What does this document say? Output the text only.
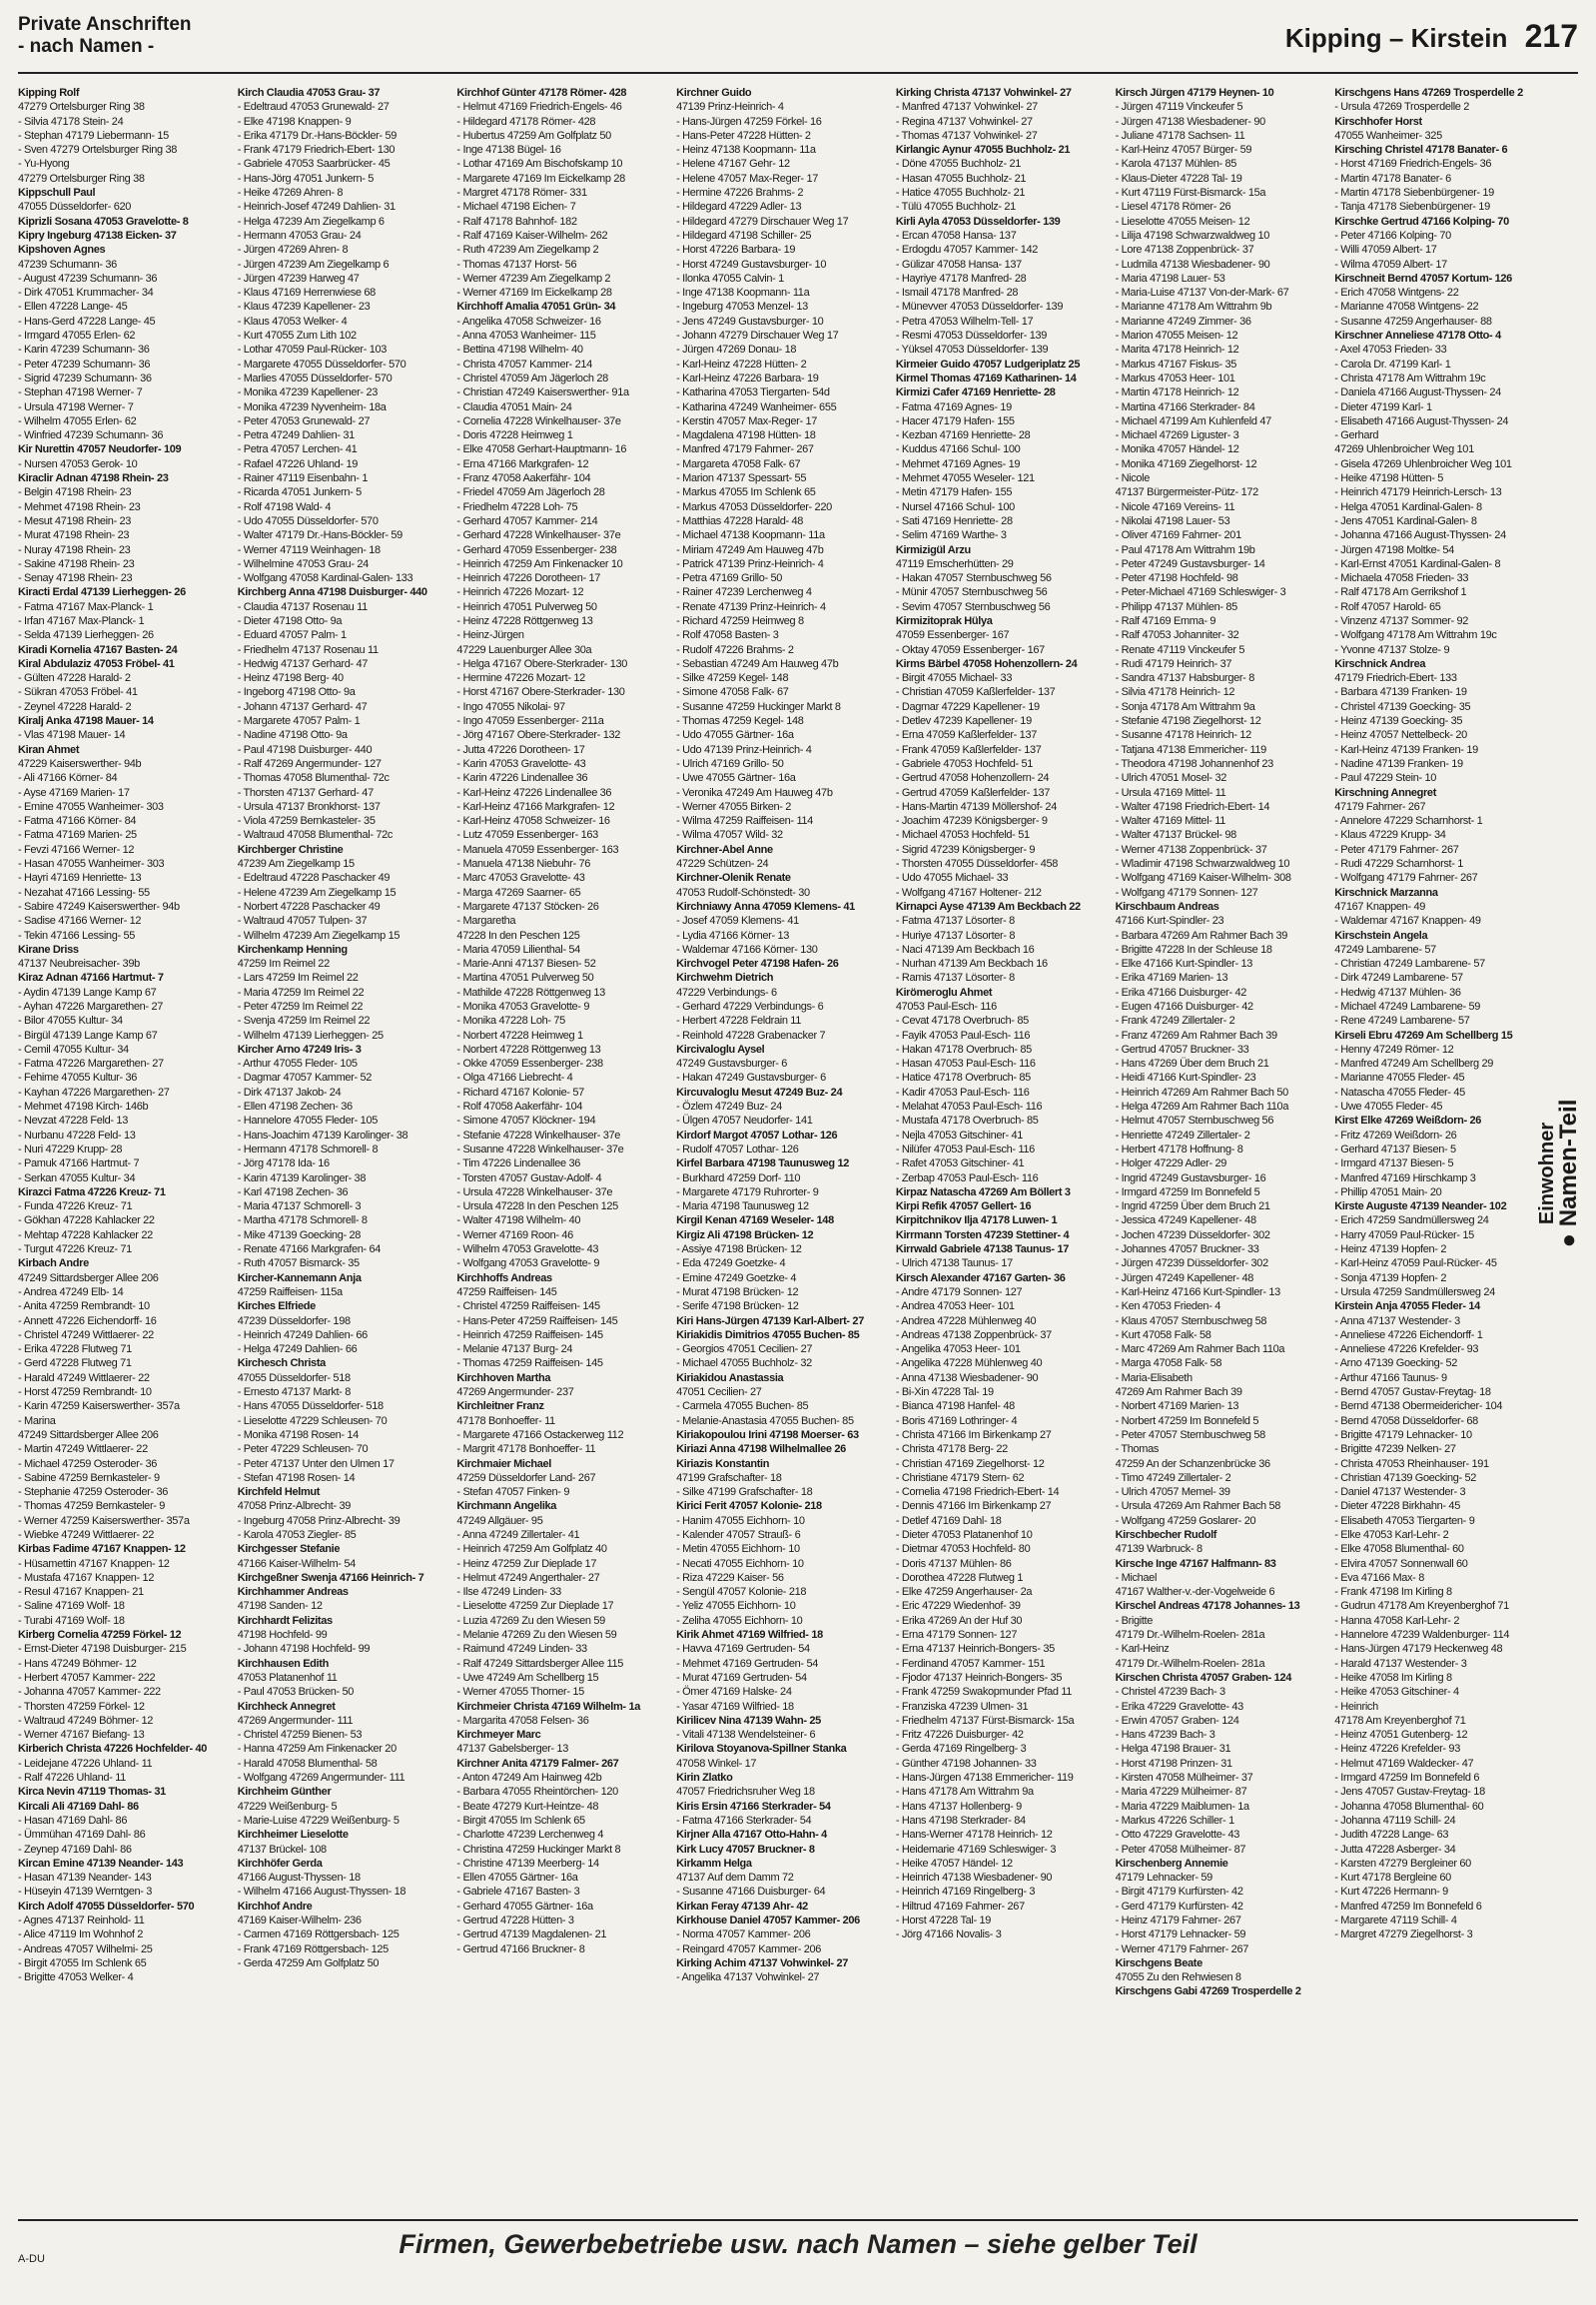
Private Anschriften
- nach Namen -	Kipping – Kirstein 217
Kipping Rolf
47279 Ortelsburger Ring 38
- Silvia 47178 Stein- 24
- Stephan 47179 Liebermann- 15
- Sven 47279 Ortelsburger Ring 38
- Yu-Hyong
47279 Ortelsburger Ring 38
Kippschull Paul
47055 Düsseldorfer- 620
Kiprizli Sosana 47053 Gravelotte- 8
Kipry Ingeburg 47138 Eicken- 37
Kipshoven Agnes
47239 Schumann- 36
- August 47239 Schumann- 36
- Dirk 47051 Krummacher- 34
- Ellen 47228 Lange- 45
- Hans-Gerd 47228 Lange- 45
- Irmgard 47055 Erlen- 62
- Karin 47239 Schumann- 36
- Peter 47239 Schumann- 36
- Sigrid 47239 Schumann- 36
- Stephan 47198 Werner- 7
- Ursula 47198 Werner- 7
- Wilhelm 47055 Erlen- 62
- Winfried 47239 Schumann- 36
Kir Nurettin 47057 Neudorfer- 109
- Nursen 47053 Gerok- 10
Kiraclir Adnan 47198 Rhein- 23
- Belgin 47198 Rhein- 23
- Mehmet 47198 Rhein- 23
- Mesut 47198 Rhein- 23
- Murat 47198 Rhein- 23
- Nuray 47198 Rhein- 23
- Sakine 47198 Rhein- 23
- Senay 47198 Rhein- 23
Kiracti Erdal 47139 Lierheggen- 26
- Fatma 47167 Max-Planck- 1
- Irfan 47167 Max-Planck- 1
- Selda 47139 Lierheggen- 26
Kiradi Kornelia 47167 Basten- 24
Kiral Abdulaziz 47053 Fröbel- 41
- Gülten 47228 Harald- 2
- Sükran 47053 Fröbel- 41
- Zeynel 47228 Harald- 2
Kiralj Anka 47198 Mauer- 14
- Vlas 47198 Mauer- 14
Kiran Ahmet
47229 Kaiserswerther- 94b
- Ali 47166 Körner- 84
- Ayse 47169 Marien- 17
- Emine 47055 Wanheimer- 303
- Fatma 47166 Körner- 84
- Fatma 47169 Marien- 25
- Fevzi 47166 Werner- 12
- Hasan 47055 Wanheimer- 303
- Hayri 47169 Henriette- 13
- Nezahat 47166 Lessing- 55
- Sabire 47249 Kaiserswerther- 94b
- Sadise 47166 Werner- 12
- Tekin 47166 Lessing- 55
Kirane Driss
47137 Neubreisacher- 39b
Kiraz Adnan 47166 Hartmut- 7
- Aydin 47139 Lange Kamp 67
- Ayhan 47226 Margarethen- 27
- Bilor 47055 Kultur- 34
- Birgül 47139 Lange Kamp 67
- Cemil 47055 Kultur- 34
- Fatma 47226 Margarethen- 27
- Fehime 47055 Kultur- 36
- Kayhan 47226 Margarethen- 27
- Mehmet 47198 Kirch- 146b
- Nevzat 47228 Feld- 13
- Nurbanu 47228 Feld- 13
- Nuri 47229 Krupp- 28
- Pamuk 47166 Hartmut- 7
- Serkan 47055 Kultur- 34
Kirazci Fatma 47226 Kreuz- 71
- Funda 47226 Kreuz- 71
- Gökhan 47228 Kahlacker 22
- Mehtap 47228 Kahlacker 22
- Turgut 47226 Kreuz- 71
Kirbach Andre
47249 Sittardsberger Allee 206
- Andrea 47249 Elb- 14
- Anita 47259 Rembrandt- 10
- Annett 47226 Eichendorff- 16
- Christel 47249 Wittlaerer- 22
- Erika 47228 Flutweg 71
- Gerd 47228 Flutweg 71
- Harald 47249 Wittlaerer- 22
- Horst 47259 Rembrandt- 10
- Karin 47259 Kaiserswerther- 357a
- Marina
47249 Sittardsberger Allee 206
- Martin 47249 Wittlaerer- 22
- Michael 47259 Osteroder- 36
- Sabine 47259 Bernkasteler- 9
- Stephanie 47259 Osteroder- 36
- Thomas 47259 Bernkasteler- 9
- Werner 47259 Kaiserswerther- 357a
- Wiebke 47249 Wittlaerer- 22
Kirbas Fadime 47167 Knappen- 12
- Hüsamettin 47167 Knappen- 12
- Mustafa 47167 Knappen- 12
- Resul 47167 Knappen- 21
- Saline 47169 Wolf- 18
- Turabi 47169 Wolf- 18
Kirberg Cornelia 47259 Förkel- 12
- Ernst-Dieter 47198 Duisburger- 215
- Hans 47249 Böhmer- 12
- Herbert 47057 Kammer- 222
- Johanna 47057 Kammer- 222
- Thorsten 47259 Förkel- 12
- Waltraud 47249 Böhmer- 12
- Werner 47167 Biefang- 13
Kirberich Christa 47226 Hochfelder- 40
- Leidejane 47226 Uhland- 11
- Ralf 47226 Uhland- 11
Kirca Nevin 47119 Thomas- 31
Kircali Ali 47169 Dahl- 86
- Hasan 47169 Dahl- 86
- Ümmühan 47169 Dahl- 86
- Zeynep 47169 Dahl- 86
Kircan Emine 47139 Neander- 143
- Hasan 47139 Neander- 143
- Hüseyin 47139 Werntgen- 3
Kirch Adolf 47055 Düsseldorfer- 570
- Agnes 47137 Reinhold- 11
- Alice 47119 Im Wohnhof 2
- Andreas 47057 Wilhelmi- 25
- Birgit 47055 Im Schlenk 65
- Brigitte 47053 Welker- 4
Kirch Claudia 47053 Grau- 37
- Edeltraud 47053 Grunewald- 27
- Elke 47198 Knappen- 9
- Erika 47179 Dr.-Hans-Böckler- 59
- Frank 47179 Friedrich-Ebert- 130
- Gabriele 47053 Saarbrücker- 45
- Hans-Jörg 47051 Junkern- 5
- Heike 47269 Ahren- 8
- Heinrich-Josef 47249 Dahlien- 31
- Helga 47239 Am Ziegelkamp 6
- Hermann 47053 Grau- 24
- Jürgen 47269 Ahren- 8
- Jürgen 47239 Am Ziegelkamp 6
- Jürgen 47239 Harweg 47
- Klaus 47169 Herrenwiese 68
- Klaus 47239 Kapellener- 23
- Klaus 47053 Welker- 4
- Kurt 47055 Zum Lith 102
- Lothar 47059 Paul-Rücker- 103
- Margarete 47055 Düsseldorfer- 570
- Marlies 47055 Düsseldorfer- 570
- Monika 47239 Kapellener- 23
- Monika 47239 Nyvenheim- 18a
- Peter 47053 Grunewald- 27
- Petra 47249 Dahlien- 31
- Petra 47057 Lerchen- 41
- Rafael 47226 Uhland- 19
- Rainer 47119 Eisenbahn- 1
- Ricarda 47051 Junkern- 5
- Rolf 47198 Wald- 4
- Udo 47055 Düsseldorfer- 570
- Walter 47179 Dr.-Hans-Böckler- 59
- Werner 47119 Weinhagen- 18
- Wilhelmine 47053 Grau- 24
- Wolfgang 47058 Kardinal-Galen- 133
Kirchberg Anna 47198 Duisburger- 440
- Claudia 47137 Rosenau 11
- Dieter 47198 Otto- 9a
- Eduard 47057 Palm- 1
- Friedhelm 47137 Rosenau 11
- Hedwig 47137 Gerhard- 47
- Heinz 47198 Berg- 40
- Ingeborg 47198 Otto- 9a
- Johann 47137 Gerhard- 47
- Margarete 47057 Palm- 1
- Nadine 47198 Otto- 9a
- Paul 47198 Duisburger- 440
- Ralf 47269 Angermunder- 127
- Thomas 47058 Blumenthal- 72c
- Thorsten 47137 Gerhard- 47
- Ursula 47137 Bronkhorst- 137
- Viola 47259 Bernkasteler- 35
- Waltraud 47058 Blumenthal- 72c
Kirchberger Christine
47239 Am Ziegelkamp 15
- Edeltraud 47228 Paschacker 49
- Helene 47239 Am Ziegelkamp 15
- Norbert 47228 Paschacker 49
- Waltraud 47057 Tulpen- 37
- Wilhelm 47239 Am Ziegelkamp 15
Kirchenkamp Henning
47259 Im Reimel 22
- Lars 47259 Im Reimel 22
- Maria 47259 Im Reimel 22
- Peter 47259 Im Reimel 22
- Svenja 47259 Im Reimel 22
- Wilhelm 47139 Lierheggen- 25
Kircher Arno 47249 Iris- 3
- Arthur 47055 Fleder- 105
- Dagmar 47057 Kammer- 52
- Dirk 47137 Jakob- 24
- Ellen 47198 Zechen- 36
- Hannelore 47055 Fleder- 105
- Hans-Joachim 47139 Karolinger- 38
- Hermann 47178 Schmorell- 8
- Jörg 47178 Ida- 16
- Karin 47139 Karolinger- 38
- Karl 47198 Zechen- 36
- Maria 47137 Schmorell- 3
- Martha 47178 Schmorell- 8
- Mike 47139 Goecking- 28
- Renate 47166 Markgrafen- 64
- Ruth 47057 Bismarck- 35
Kircher-Kannemann Anja
47259 Raiffeisen- 115a
Kirches Elfriede
47239 Düsseldorfer- 198
- Heinrich 47249 Dahlien- 66
- Helga 47249 Dahlien- 66
Kirchesch Christa
47055 Düsseldorfer- 518
- Ernesto 47137 Markt- 8
- Hans 47055 Düsseldorfer- 518
- Lieselotte 47229 Schleusen- 70
- Monika 47198 Rosen- 14
- Peter 47229 Schleusen- 70
- Peter 47137 Unter den Ulmen 17
- Stefan 47198 Rosen- 14
Kirchfeld Helmut
47058 Prinz-Albrecht- 39
- Ingeburg 47058 Prinz-Albrecht- 39
- Karola 47053 Ziegler- 85
Kirchgesser Stefanie
47166 Kaiser-Wilhelm- 54
Kirchgeßner Swenja 47166 Heinrich- 7
Kirchhammer Andreas
47198 Sanden- 12
Kirchhardt Felizitas
47198 Hochfeld- 99
- Johann 47198 Hochfeld- 99
Kirchhausen Edith
47053 Platanenhof 11
- Paul 47053 Brücken- 50
Kirchheck Annegret
47269 Angermunder- 111
- Christel 47259 Bienen- 53
- Hanna 47259 Am Finkenacker 20
- Harald 47058 Blumenthal- 58
- Wolfgang 47269 Angermunder- 111
Kirchheim Günther
47229 Weißenburg- 5
- Marie-Luise 47229 Weißenburg- 5
Kirchheimer Lieselotte
47137 Brückel- 108
Kirchhöfer Gerda
47166 August-Thyssen- 18
- Wilhelm 47166 August-Thyssen- 18
Kirchhof Andre
47169 Kaiser-Wilhelm- 236
- Carmen 47169 Röttgersbach- 125
- Frank 47169 Röttgersbach- 125
- Gerda 47259 Am Golfplatz 50
Kirchhof Günter 47178 Römer- 428
- Helmut 47169 Friedrich-Engels- 46
- Hildegard 47178 Römer- 428
- Hubertus 47259 Am Golfplatz 50
- Inge 47138 Bügel- 16
- Lothar 47169 Am Bischofskamp 10
- Margarete 47169 Im Eickelkamp 28
- Margret 47178 Römer- 331
- Michael 47198 Eichen- 7
- Ralf 47178 Bahnhof- 182
- Ralf 47169 Kaiser-Wilhelm- 262
- Ruth 47239 Am Ziegelkamp 2
- Thomas 47137 Horst- 56
- Werner 47239 Am Ziegelkamp 2
- Werner 47169 Im Eickelkamp 28
Kirchhoff Amalia 47051 Grün- 34
- Angelika 47058 Schweizer- 16
- Anna 47053 Wanheimer- 115
- Bettina 47198 Wilhelm- 40
- Christa 47057 Kammer- 214
- Christel 47059 Am Jägerloch 28
- Christian 47249 Kaiserswerther- 91a
- Claudia 47051 Main- 24
- Cornelia 47228 Winkelhauser- 37e
- Doris 47228 Heimweg 1
- Elke 47058 Gerhart-Hauptmann- 16
- Erna 47166 Markgrafen- 12
- Franz 47058 Aakerfähr- 104
- Friedel 47059 Am Jägerloch 28
- Friedhelm 47228 Loh- 75
- Gerhard 47057 Kammer- 214
- Gerhard 47228 Winkelhauser- 37e
- Gerhard 47059 Essenberger- 238
- Heinrich 47259 Am Finkenacker 10
- Heinrich 47226 Dorotheen- 17
- Heinrich 47226 Mozart- 12
- Heinrich 47051 Pulverweg 50
- Heinz 47228 Röttgenweg 13
- Heinz-Jürgen
47229 Lauenburger Allee 30a
- Helga 47167 Obere-Sterkrader- 130
- Hermine 47226 Mozart- 12
- Horst 47167 Obere-Sterkrader- 130
- Ingo 47055 Nikolai- 97
- Ingo 47059 Essenberger- 211a
- Jörg 47167 Obere-Sterkrader- 132
- Jutta 47226 Dorotheen- 17
- Karin 47053 Gravelotte- 43
- Karin 47226 Lindenallee 36
- Karl-Heinz 47226 Lindenallee 36
- Karl-Heinz 47166 Markgrafen- 12
- Karl-Heinz 47058 Schweizer- 16
- Lutz 47059 Essenberger- 163
- Manuela 47059 Essenberger- 163
- Manuela 47138 Niebuhr- 76
- Marc 47053 Gravelotte- 43
- Marga 47269 Saarner- 65
- Margarete 47137 Stöcken- 26
- Margaretha
47228 In den Peschen 125
- Maria 47059 Lilienthal- 54
- Marie-Anni 47137 Biesen- 52
- Martina 47051 Pulverweg 50
- Mathilde 47228 Röttgenweg 13
- Monika 47053 Gravelotte- 9
- Monika 47228 Loh- 75
- Norbert 47228 Heimweg 1
- Norbert 47228 Röttgenweg 13
- Okke 47059 Essenberger- 238
- Olga 47166 Liebrecht- 4
- Richard 47167 Kolonie- 57
- Rolf 47058 Aakerfähr- 104
- Simone 47057 Klöckner- 194
- Stefanie 47228 Winkelhauser- 37e
- Susanne 47228 Winkelhauser- 37e
- Tim 47226 Lindenallee 36
- Torsten 47057 Gustav-Adolf- 4
- Ursula 47228 Winkelhauser- 37e
- Ursula 47228 In den Peschen 125
- Walter 47198 Wilhelm- 40
- Werner 47169 Roon- 46
- Wilhelm 47053 Gravelotte- 43
- Wolfgang 47053 Gravelotte- 9
Kirchhoffs Andreas
47259 Raiffeisen- 145
- Christel 47259 Raiffeisen- 145
- Hans-Peter 47259 Raiffeisen- 145
- Heinrich 47259 Raiffeisen- 145
- Melanie 47137 Burg- 24
- Thomas 47259 Raiffeisen- 145
Kirchhoven Martha
47269 Angermunder- 237
Kirchleitner Franz
47178 Bonhoeffer- 11
- Margarete 47166 Ostackerweg 112
- Margrit 47178 Bonhoeffer- 11
Kirchmaier Michael
47259 Düsseldorfer Land- 267
- Stefan 47057 Finken- 9
Kirchmann Angelika
47249 Allgäuer- 95
- Anna 47249 Zillertaler- 41
- Heinrich 47259 Am Golfplatz 40
- Heinz 47259 Zur Dieplade 17
- Helmut 47249 Angerthaler- 27
- Ilse 47249 Linden- 33
- Lieselotte 47259 Zur Dieplade 17
- Luzia 47269 Zu den Wiesen 59
- Melanie 47269 Zu den Wiesen 59
- Raimund 47249 Linden- 33
- Ralf 47249 Sittardsberger Allee 115
- Uwe 47249 Am Schellberg 15
- Werner 47055 Thorner- 15
Kirchmeier Christa 47169 Wilhelm- 1a
- Margarita 47058 Felsen- 36
Kirchmeyer Marc
47137 Gabelsberger- 13
Kirchner Anita 47179 Falmer- 267
- Anton 47249 Am Hainweg 42b
- Barbara 47055 Rheintörchen- 120
- Beate 47279 Kurt-Heintze- 48
- Birgit 47055 Im Schlenk 65
- Charlotte 47239 Lerchenweg 4
- Christina 47259 Huckinger Markt 8
- Christine 47139 Meerberg- 14
- Ellen 47055 Gärtner- 16a
- Gabriele 47167 Basten- 3
- Gerhard 47055 Gärtner- 16a
- Gertrud 47228 Hütten- 3
- Gertrud 47139 Magdalenen- 21
- Gertrud 47166 Bruckner- 8
Kirchner Guido
47139 Prinz-Heinrich- 4
- Hans-Jürgen 47259 Förkel- 16
- Hans-Peter 47228 Hütten- 2
- Heinz 47138 Koopmann- 11a
- Helene 47167 Gehr- 12
- Helene 47057 Max-Reger- 17
- Hermine 47226 Brahms- 2
- Hildegard 47229 Adler- 13
- Hildegard 47279 Dirschauer Weg 17
- Hildegard 47198 Schiller- 25
- Horst 47226 Barbara- 19
- Horst 47249 Gustavsburger- 10
- Ilonka 47055 Calvin- 1
- Inge 47138 Koopmann- 11a
- Ingeburg 47053 Menzel- 13
- Jens 47249 Gustavsburger- 10
- Johann 47279 Dirschauer Weg 17
- Jürgen 47269 Donau- 18
- Karl-Heinz 47228 Hütten- 2
- Karl-Heinz 47226 Barbara- 19
- Katharina 47053 Tiergarten- 54d
- Katharina 47249 Wanheimer- 655
- Kerstin 47057 Max-Reger- 17
- Magdalena 47198 Hütten- 18
- Manfred 47179 Fahrner- 267
- Margareta 47058 Falk- 67
- Marion 47137 Spessart- 55
- Markus 47055 Im Schlenk 65
- Markus 47053 Düsseldorfer- 220
- Matthias 47228 Harald- 48
- Michael 47138 Koopmann- 11a
- Miriam 47249 Am Hauweg 47b
- Patrick 47139 Prinz-Heinrich- 4
- Petra 47169 Grillo- 50
- Rainer 47239 Lerchenweg 4
- Renate 47139 Prinz-Heinrich- 4
- Richard 47259 Heimweg 8
- Rolf 47058 Basten- 3
- Rudolf 47226 Brahms- 2
- Sebastian 47249 Am Hauweg 47b
- Silke 47259 Kegel- 148
- Simone 47058 Falk- 67
- Susanne 47259 Huckinger Markt 8
- Thomas 47259 Kegel- 148
- Udo 47055 Gärtner- 16a
- Udo 47139 Prinz-Heinrich- 4
- Ulrich 47169 Grillo- 50
- Uwe 47055 Gärtner- 16a
- Veronika 47249 Am Hauweg 47b
- Werner 47055 Birken- 2
- Wilma 47259 Raiffeisen- 114
- Wilma 47057 Wild- 32
Kirchner-Abel Anne
47229 Schützen- 24
Kirchner-Olenik Renate
47053 Rudolf-Schönstedt- 30
Kirchniawy Anna 47059 Klemens- 41
- Josef 47059 Klemens- 41
- Lydia 47166 Körner- 13
- Waldemar 47166 Körner- 130
Kirchvogel Peter 47198 Hafen- 26
Kirchwehm Dietrich
47229 Verbindungs- 6
- Gerhard 47229 Verbindungs- 6
- Herbert 47228 Feldrain 11
- Reinhold 47228 Grabenacker 7
Kircivaloglu Aysel
47249 Gustavsburger- 6
- Hakan 47249 Gustavsburger- 6
Kircuvaloglu Mesut 47249 Buz- 24
- Özlem 47249 Buz- 24
- Ülgen 47057 Neudorfer- 141
Kirdorf Margot 47057 Lothar- 126
- Rudolf 47057 Lothar- 126
Kirfel Barbara 47198 Taunusweg 12
- Burkhard 47259 Dorf- 110
- Margarete 47179 Ruhrorter- 9
- Maria 47198 Taunusweg 12
Kirgil Kenan 47169 Weseler- 148
Kirgiz Ali 47198 Brücken- 12
- Assiye 47198 Brücken- 12
- Eda 47249 Goetzke- 4
- Emine 47249 Goetzke- 4
- Murat 47198 Brücken- 12
- Serife 47198 Brücken- 12
Kiri Hans-Jürgen 47139 Karl-Albert- 27
Kiriakidis Dimitrios 47055 Buchen- 85
- Georgios 47051 Cecilien- 27
- Michael 47055 Buchholz- 32
Kiriakidou Anastassia
47051 Cecilien- 27
- Carmela 47055 Buchen- 85
- Melanie-Anastasia 47055 Buchen- 85
Kiriakopoulou Irini 47198 Moerser- 63
Kiriazi Anna 47198 Wilhelmallee 26
Kiriazis Konstantin
47199 Grafschafter- 18
- Silke 47199 Grafschafter- 18
Kirici Ferit 47057 Kolonie- 218
- Hanim 47055 Eichhorn- 10
- Kalender 47057 Strauß- 6
- Metin 47055 Eichhorn- 10
- Necati 47055 Eichhorn- 10
- Riza 47229 Kaiser- 56
- Sengül 47057 Kolonie- 218
- Yeliz 47055 Eichhorn- 10
- Zeliha 47055 Eichhorn- 10
Kirik Ahmet 47169 Wilfried- 18
- Havva 47169 Gertruden- 54
- Mehmet 47169 Gertruden- 54
- Murat 47169 Gertruden- 54
- Ömer 47169 Halske- 24
- Yasar 47169 Wilfried- 18
Kirilicev Nina 47139 Wahn- 25
- Vitali 47138 Wendelsteiner- 6
Kirilova Stoyanova-Spillner Stanka
47058 Winkel- 17
Kirin Zlatko
47057 Friedrichsruher Weg 18
Kiris Ersin 47166 Sterkrader- 54
- Fatma 47166 Sterkrader- 54
Kirjner Alla 47167 Otto-Hahn- 4
Kirk Lucy 47057 Bruckner- 8
Kirkamm Helga
47137 Auf dem Damm 72
- Susanne 47166 Duisburger- 64
Kirkan Feray 47139 Ahr- 42
Kirkhouse Daniel 47057 Kammer- 206
- Norma 47057 Kammer- 206
- Reingard 47057 Kammer- 206
Kirking Achim 47137 Vohwinkel- 27
- Angelika 47137 Vohwinkel- 27
Kirking Christa 47137 Vohwinkel- 27
- Manfred 47137 Vohwinkel- 27
- Regina 47137 Vohwinkel- 27
- Thomas 47137 Vohwinkel- 27
Kirlangic Aynur 47055 Buchholz- 21
- Döne 47055 Buchholz- 21
- Hasan 47055 Buchholz- 21
- Hatice 47055 Buchholz- 21
- Tülü 47055 Buchholz- 21
Kirli Ayla 47053 Düsseldorfer- 139
- Ercan 47058 Hansa- 137
- Erdogdu 47057 Kammer- 142
- Gülizar 47058 Hansa- 137
- Hayriye 47178 Manfred- 28
- Ismail 47178 Manfred- 28
- Münevver 47053 Düsseldorfer- 139
- Petra 47053 Wilhelm-Tell- 17
- Resmi 47053 Düsseldorfer- 139
- Yüksel 47053 Düsseldorfer- 139
Kirmeier Guido 47057 Ludgeriplatz 25
Kirmel Thomas 47169 Katharinen- 14
Kirmizi Cafer 47169 Henriette- 28
- Fatma 47169 Agnes- 19
- Hacer 47179 Hafen- 155
- Kezban 47169 Henriette- 28
- Kuddus 47166 Schul- 100
- Mehmet 47169 Agnes- 19
- Mehmet 47055 Weseler- 121
- Metin 47179 Hafen- 155
- Nursel 47166 Schul- 100
- Sati 47169 Henriette- 28
- Selim 47169 Warthe- 3
Kirmizigül Arzu
47119 Emscherhütten- 29
- Hakan 47057 Sternbuschweg 56
- Münir 47057 Sternbuschweg 56
- Sevim 47057 Sternbuschweg 56
Kirmizitoprak Hülya
47059 Essenberger- 167
- Oktay 47059 Essenberger- 167
Kirms Bärbel 47058 Hohenzollern- 24
- Birgit 47055 Michael- 33
- Christian 47059 Kaßlerfelder- 137
- Dagmar 47229 Kapellener- 19
- Detlev 47239 Kapellener- 19
- Erna 47059 Kaßlerfelder- 137
- Frank 47059 Kaßlerfelder- 137
- Gabriele 47053 Hochfeld- 51
- Gertrud 47058 Hohenzollern- 24
- Gertrud 47059 Kaßlerfelder- 137
- Hans-Martin 47139 Möllershof- 24
- Joachim 47239 Königsberger- 9
- Michael 47053 Hochfeld- 51
- Sigrid 47239 Königsberger- 9
- Thorsten 47055 Düsseldorfer- 458
- Udo 47055 Michael- 33
- Wolfgang 47167 Holtener- 212
Kirnapci Ayse 47139 Am Beckbach 22
- Fatma 47137 Lösorter- 8
- Huriye 47137 Lösorter- 8
- Naci 47139 Am Beckbach 16
- Nurhan 47139 Am Beckbach 16
- Ramis 47137 Lösorter- 8
Kirömeroglu Ahmet
47053 Paul-Esch- 116
- Cevat 47178 Overbruch- 85
- Fayik 47053 Paul-Esch- 116
- Hakan 47178 Overbruch- 85
- Hasan 47053 Paul-Esch- 116
- Hatice 47178 Overbruch- 85
- Kadir 47053 Paul-Esch- 116
- Melahat 47053 Paul-Esch- 116
- Mustafa 47178 Overbruch- 85
- Nejla 47053 Gitschiner- 41
- Nilüfer 47053 Paul-Esch- 116
- Rafet 47053 Gitschiner- 41
- Zerbap 47053 Paul-Esch- 116
Kirpaz Natascha 47269 Am Böllert 3
Kirpi Refik 47057 Gellert- 16
Kirpitchnikov Ilja 47178 Luwen- 1
Kirrmann Torsten 47239 Stettiner- 4
Kirrwald Gabriele 47138 Taunus- 17
- Ulrich 47138 Taunus- 17
Kirsch Alexander 47167 Garten- 36
- Andre 47179 Sonnen- 127
- Andrea 47053 Heer- 101
- Andrea 47228 Mühlenweg 40
- Andreas 47138 Zoppenbrück- 37
- Angelika 47053 Heer- 101
- Angelika 47228 Mühlenweg 40
- Anna 47138 Wiesbadener- 90
- Bi-Xin 47228 Tal- 19
- Bianca 47198 Hanfel- 48
- Boris 47169 Lothringer- 4
- Christa 47166 Im Birkenkamp 27
- Christa 47178 Berg- 22
- Christian 47169 Ziegelhorst- 12
- Christiane 47179 Stern- 62
- Cornelia 47198 Friedrich-Ebert- 14
- Dennis 47166 Im Birkenkamp 27
- Detlef 47169 Dahl- 18
- Dieter 47053 Platanenhof 10
- Dietmar 47053 Hochfeld- 80
- Doris 47137 Mühlen- 86
- Dorothea 47228 Flutweg 1
- Elke 47259 Angerhauser- 2a
- Eric 47229 Wiedenhof- 39
- Erika 47269 An der Huf 30
- Erna 47179 Sonnen- 127
- Erna 47137 Heinrich-Bongers- 35
- Ferdinand 47057 Kammer- 151
- Fjodor 47137 Heinrich-Bongers- 35
- Frank 47259 Swakopmunder Pfad 11
- Franziska 47239 Ulmen- 31
- Friedhelm 47137 Fürst-Bismarck- 15a
- Fritz 47226 Duisburger- 42
- Gerda 47169 Ringelberg- 3
- Günther 47198 Johannen- 33
- Hans-Jürgen 47138 Emmericher- 119
- Hans 47178 Am Wittrahm 9a
- Hans 47137 Hollenberg- 9
- Hans 47198 Sterkrader- 84
- Hans-Werner 47178 Heinrich- 12
- Heidemarie 47169 Schleswiger- 3
- Heike 47057 Händel- 12
- Heinrich 47138 Wiesbadener- 90
- Heinrich 47169 Ringelberg- 3
- Hiltrud 47169 Fahrner- 267
- Horst 47228 Tal- 19
- Jörg 47166 Novalis- 3
Kirsch Jürgen 47179 Heynen- 10
- Jürgen 47119 Vinckeufer 5
- Jürgen 47138 Wiesbadener- 90
- Juliane 47178 Sachsen- 11
- Karl-Heinz 47057 Bürger- 59
- Karola 47137 Mühlen- 85
- Klaus-Dieter 47228 Tal- 19
- Kurt 47119 Fürst-Bismarck- 15a
- Liesel 47178 Römer- 26
- Lieselotte 47055 Meisen- 12
- Lilija 47198 Schwarzwaldweg 10
- Lore 47138 Zoppenbrück- 37
- Ludmila 47138 Wiesbadener- 90
- Maria 47198 Lauer- 53
- Maria-Luise 47137 Von-der-Mark- 67
- Marianne 47178 Am Wittrahm 9b
- Marianne 47249 Zimmer- 36
- Marion 47055 Meisen- 12
- Marita 47178 Heinrich- 12
- Markus 47167 Fiskus- 35
- Markus 47053 Heer- 101
- Martin 47178 Heinrich- 12
- Martina 47166 Sterkrader- 84
- Michael 47199 Am Kuhlenfeld 47
- Michael 47269 Liguster- 3
- Monika 47057 Händel- 12
- Monika 47169 Ziegelhorst- 12
- Nicole
47137 Bürgermeister-Pütz- 172
- Nicole 47169 Vereins- 11
- Nikolai 47198 Lauer- 53
- Oliver 47169 Fahrner- 201
- Paul 47178 Am Wittrahm 19b
- Peter 47249 Gustavsburger- 14
- Peter 47198 Hochfeld- 98
- Peter-Michael 47169 Schleswiger- 3
- Philipp 47137 Mühlen- 85
- Ralf 47169 Emma- 9
- Ralf 47053 Johanniter- 32
- Renate 47119 Vinckeufer 5
- Rudi 47179 Heinrich- 37
- Sandra 47137 Habsburger- 8
- Silvia 47178 Heinrich- 12
- Sonja 47178 Am Wittrahm 9a
- Stefanie 47198 Ziegelhorst- 12
- Susanne 47178 Heinrich- 12
- Tatjana 47138 Emmericher- 119
- Theodora 47198 Johannenhof 23
- Ulrich 47051 Mosel- 32
- Ursula 47169 Mittel- 11
- Walter 47198 Friedrich-Ebert- 14
- Walter 47169 Mittel- 11
- Walter 47137 Brückel- 98
- Werner 47138 Zoppenbrück- 37
- Wladimir 47198 Schwarzwaldweg 10
- Wolfgang 47169 Kaiser-Wilhelm- 308
- Wolfgang 47179 Sonnen- 127
Kirschbaum Andreas
47166 Kurt-Spindler- 23
- Barbara 47269 Am Rahmer Bach 39
- Brigitte 47228 In der Schleuse 18
- Elke 47166 Kurt-Spindler- 13
- Erika 47169 Marien- 13
- Erika 47166 Duisburger- 42
- Eugen 47166 Duisburger- 42
- Frank 47249 Zillertaler- 2
- Franz 47269 Am Rahmer Bach 39
- Gertrud 47057 Bruckner- 33
- Hans 47269 Über dem Bruch 21
- Heidi 47166 Kurt-Spindler- 23
- Heinrich 47269 Am Rahmer Bach 50
- Helga 47269 Am Rahmer Bach 110a
- Helmut 47057 Sternbuschweg 56
- Henriette 47249 Zillertaler- 2
- Herbert 47178 Hoffnung- 8
- Holger 47229 Adler- 29
- Ingrid 47249 Gustavsburger- 16
- Irmgard 47259 Im Bonnefeld 5
- Ingrid 47259 Über dem Bruch 21
- Jessica 47249 Kapellener- 48
- Jochen 47239 Düsseldorfer- 302
- Johannes 47057 Bruckner- 33
- Jürgen 47239 Düsseldorfer- 302
- Jürgen 47249 Kapellener- 48
- Karl-Heinz 47166 Kurt-Spindler- 13
- Ken 47053 Frieden- 4
- Klaus 47057 Sternbuschweg 58
- Kurt 47058 Falk- 58
- Marc 47269 Am Rahmer Bach 110a
- Marga 47058 Falk- 58
- Maria-Elisabeth
47269 Am Rahmer Bach 39
- Norbert 47169 Marien- 13
- Norbert 47259 Im Bonnefeld 5
- Peter 47057 Sternbuschweg 58
- Thomas
47259 An der Schanzenbrücke 36
- Timo 47249 Zillertaler- 2
- Ulrich 47057 Memel- 39
- Ursula 47269 Am Rahmer Bach 58
- Wolfgang 47259 Goslarer- 20
Kirschbecher Rudolf
47139 Warbruck- 8
Kirsche Inge 47167 Halfmann- 83
- Michael
47167 Walther-v.-der-Vogelweide 6
Kirschel Andreas 47178 Johannes- 13
- Brigitte
47179 Dr.-Wilhelm-Roelen- 281a
- Karl-Heinz
47179 Dr.-Wilhelm-Roelen- 281a
Kirschen Christa 47057 Graben- 124
- Christel 47239 Bach- 3
- Erika 47229 Gravelotte- 43
- Erwin 47057 Graben- 124
- Hans 47239 Bach- 3
- Helga 47198 Brauer- 31
- Horst 47198 Prinzen- 31
- Kirsten 47058 Mülheimer- 37
- Maria 47229 Mülheimer- 87
- Maria 47229 Maiblumen- 1a
- Markus 47226 Schiller- 1
- Otto 47229 Gravelotte- 43
- Peter 47058 Mülheimer- 87
Kirschenberg Annemie
47179 Lehnacker- 59
- Birgit 47179 Kurfürsten- 42
- Gerd 47179 Kurfürsten- 42
- Heinz 47179 Fahrner- 267
- Horst 47179 Lehnacker- 59
- Werner 47179 Fahrner- 267
Kirschgens Beate
47055 Zu den Rehwiesen 8
Kirschgens Gabi 47269 Trosperdelle 2
Kirschgens Hans 47269 Trosperdelle 2
- Ursula 47269 Trosperdelle 2
Kirschhofer Horst
47055 Wanheimer- 325
Kirsching Christel 47178 Banater- 6
- Horst 47169 Friedrich-Engels- 36
- Martin 47178 Banater- 6
- Martin 47178 Siebenbürgener- 19
- Tanja 47178 Siebenbürgener- 19
Kirschke Gertrud 47166 Kolping- 70
- Peter 47166 Kolping- 70
- Willi 47059 Albert- 17
- Wilma 47059 Albert- 17
Kirschneit Bernd 47057 Kortum- 126
- Erich 47058 Wintgens- 22
- Marianne 47058 Wintgens- 22
- Susanne 47259 Angerhauser- 88
Kirschner Anneliese 47178 Otto- 4
- Axel 47053 Frieden- 33
- Carola Dr. 47199 Karl- 1
- Christa 47178 Am Wittrahm 19c
- Daniela 47166 August-Thyssen- 24
- Dieter 47199 Karl- 1
- Elisabeth 47166 August-Thyssen- 24
- Gerhard
47269 Uhlenbroicher Weg 101
- Gisela 47269 Uhlenbroicher Weg 101
- Heike 47198 Hütten- 5
- Heinrich 47179 Heinrich-Lersch- 13
- Helga 47051 Kardinal-Galen- 8
- Jens 47051 Kardinal-Galen- 8
- Johanna 47166 August-Thyssen- 24
- Jürgen 47198 Moltke- 54
- Karl-Ernst 47051 Kardinal-Galen- 8
- Michaela 47058 Frieden- 33
- Ralf 47178 Am Gerrikshof 1
- Rolf 47057 Harold- 65
- Vinzenz 47137 Sommer- 92
- Wolfgang 47178 Am Wittrahm 19c
- Yvonne 47137 Stolze- 9
Kirschnick Andrea
47179 Friedrich-Ebert- 133
- Barbara 47139 Franken- 19
- Christel 47139 Goecking- 35
- Heinz 47139 Goecking- 35
- Heinz 47057 Nettelbeck- 20
- Karl-Heinz 47139 Franken- 19
- Nadine 47139 Franken- 19
- Paul 47229 Stein- 10
Kirschning Annegret
47179 Fahrner- 267
- Annelore 47229 Scharnhorst- 1
- Klaus 47229 Krupp- 34
- Peter 47179 Fahrner- 267
- Rudi 47229 Scharnhorst- 1
- Wolfgang 47179 Fahrner- 267
Kirschnick Marzanna
47167 Knappen- 49
- Waldemar 47167 Knappen- 49
Kirschstein Angela
47249 Lambarene- 57
- Christian 47249 Lambarene- 57
- Dirk 47249 Lambarene- 57
- Hedwig 47137 Mühlen- 36
- Michael 47249 Lambarene- 59
- Rene 47249 Lambarene- 57
Kirseli Ebru 47269 Am Schellberg 15
- Henny 47249 Römer- 12
- Manfred 47249 Am Schellberg 29
- Marianne 47055 Fleder- 45
- Natascha 47055 Fleder- 45
- Uwe 47055 Fleder- 45
Kirst Elke 47269 Weißdorn- 26
- Fritz 47269 Weißdorn- 26
- Gerhard 47137 Biesen- 5
- Irmgard 47137 Biesen- 5
- Manfred 47169 Hirschkamp 3
- Phillip 47051 Main- 20
Kirste Auguste 47139 Neander- 102
- Erich 47259 Sandmüllersweg 24
- Harry 47059 Paul-Rücker- 15
- Heinz 47139 Hopfen- 2
- Karl-Heinz 47059 Paul-Rücker- 45
- Sonja 47139 Hopfen- 2
- Ursula 47259 Sandmüllersweg 24
Kirstein Anja 47055 Fleder- 14
- Anna 47137 Westender- 3
- Anneliese 47226 Eichendorff- 1
- Anneliese 47226 Krefelder- 93
- Arno 47139 Goecking- 52
- Arthur 47166 Taunus- 9
- Bernd 47057 Gustav-Freytag- 18
- Bernd 47138 Obermeidericher- 104
- Bernd 47058 Düsseldorfer- 68
- Brigitte 47179 Lehnacker- 10
- Brigitte 47239 Nelken- 27
- Christa 47053 Rheinhauser- 191
- Christian 47139 Goecking- 52
- Daniel 47137 Westender- 3
- Dieter 47228 Birkhahn- 45
- Elisabeth 47053 Tiergarten- 9
- Elke 47053 Karl-Lehr- 2
- Elke 47058 Blumenthal- 60
- Elvira 47057 Sonnenwall 60
- Eva 47166 Max- 8
- Frank 47198 Im Kirling 8
- Gudrun 47178 Am Kreyenberghof 71
- Hanna 47058 Karl-Lehr- 2
- Hannelore 47239 Waldenburger- 114
- Hans-Jürgen 47179 Heckenweg 48
- Harald 47137 Westender- 3
- Heike 47058 Im Kirling 8
- Heike 47053 Gitschiner- 4
- Heinrich
47178 Am Kreyenberghof 71
- Heinz 47051 Gutenberg- 12
- Heinz 47226 Krefelder- 93
- Helmut 47169 Waldecker- 47
- Irmgard 47259 Im Bonnefeld 6
- Jens 47057 Gustav-Freytag- 18
- Johanna 47058 Blumenthal- 60
- Johanna 47119 Schill- 24
- Judith 47228 Lange- 63
- Jutta 47228 Asberger- 34
- Karsten 47279 Bergleiner 60
- Kurt 47178 Bergleine 60
- Kurt 47226 Hermann- 9
- Manfred 47259 Im Bonnefeld 6
- Margarete 47119 Schill- 4
- Margret 47279 Ziegelhorst- 3
Einwohner
● Namen-Teil
Firmen, Gewerbebetriebe usw. nach Namen – siehe gelber Teil
A-DU
